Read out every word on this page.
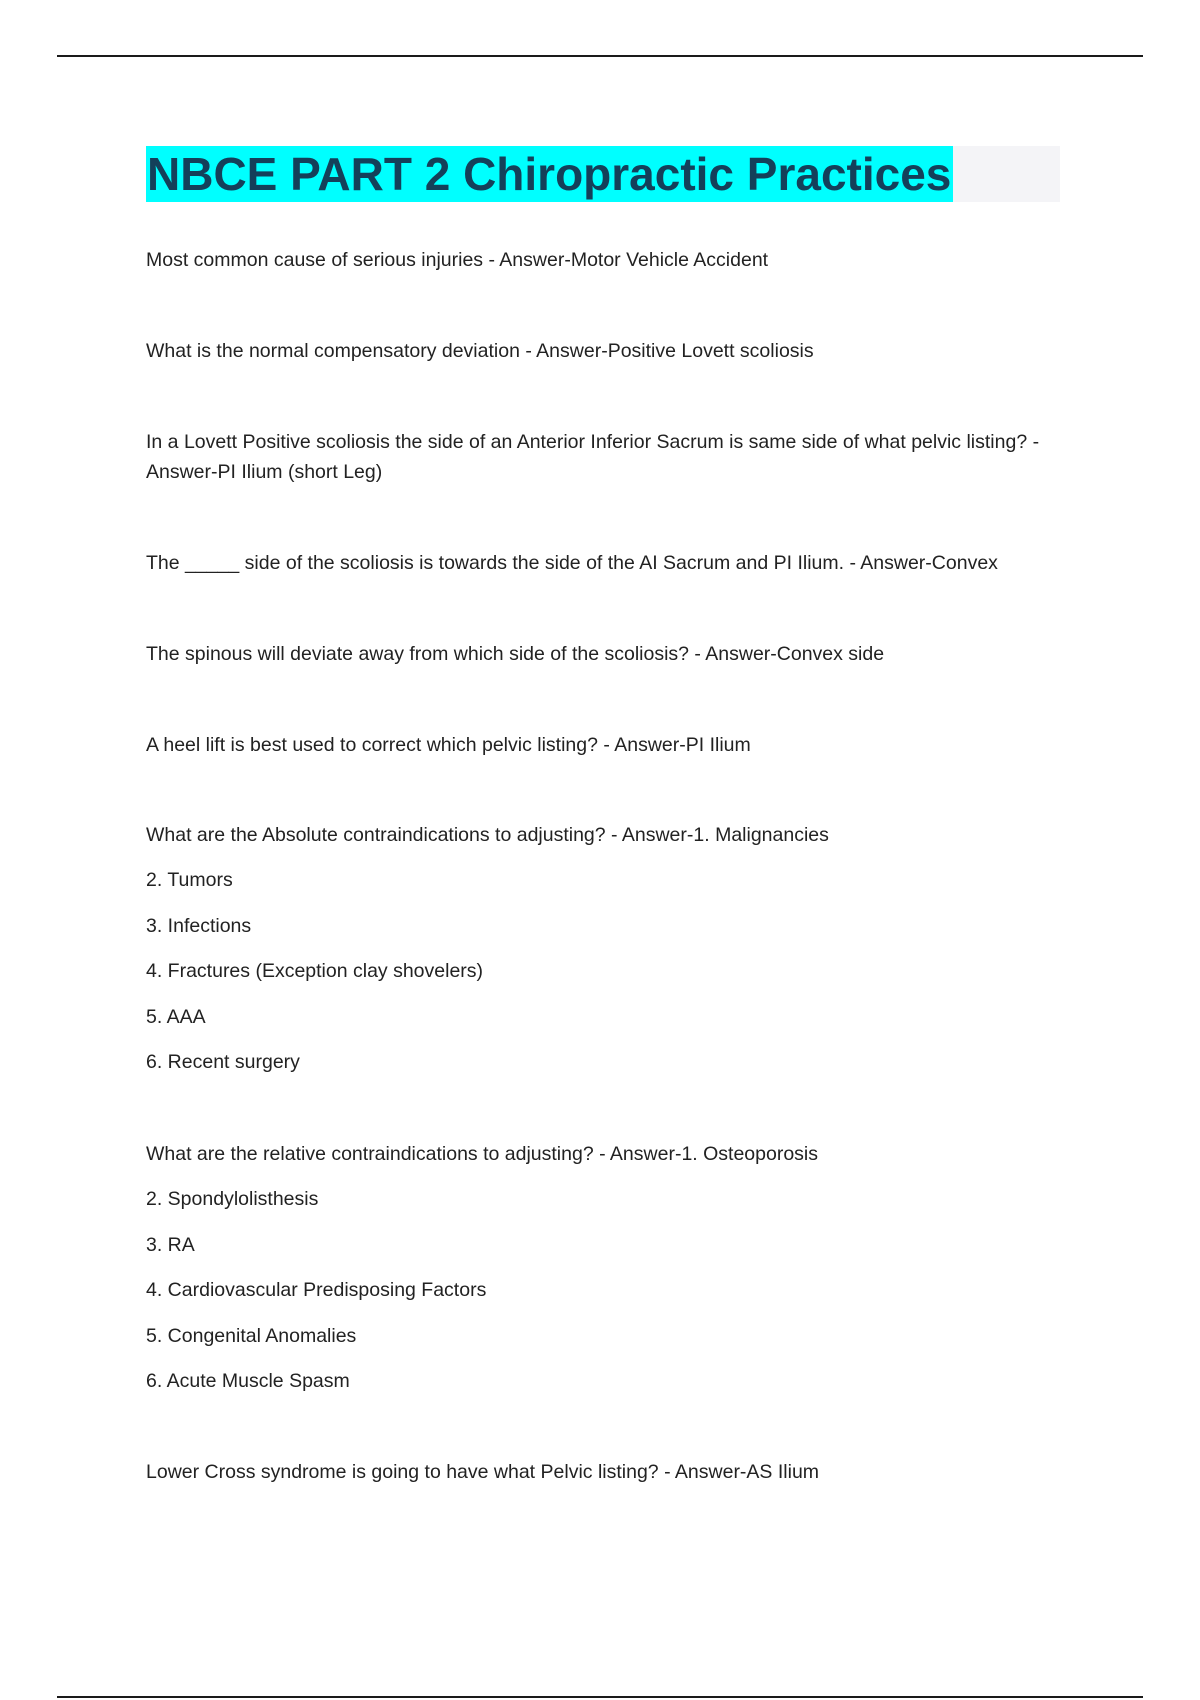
NBCE PART 2 Chiropractic Practices
Most common cause of serious injuries - Answer-Motor Vehicle Accident
What is the normal compensatory deviation - Answer-Positive Lovett scoliosis
In a Lovett Positive scoliosis the side of an Anterior Inferior Sacrum is same side of what pelvic listing? - Answer-PI Ilium (short Leg)
The _____ side of the scoliosis is towards the side of the AI Sacrum and PI Ilium. - Answer-Convex
The spinous will deviate away from which side of the scoliosis? - Answer-Convex side
A heel lift is best used to correct which pelvic listing? - Answer-PI Ilium
What are the Absolute contraindications to adjusting? - Answer-1. Malignancies
2. Tumors
3. Infections
4. Fractures (Exception clay shovelers)
5. AAA
6. Recent surgery
What are the relative contraindications to adjusting? - Answer-1. Osteoporosis
2. Spondylolisthesis
3. RA
4. Cardiovascular Predisposing Factors
5. Congenital Anomalies
6. Acute Muscle Spasm
Lower Cross syndrome is going to have what Pelvic listing? - Answer-AS Ilium
